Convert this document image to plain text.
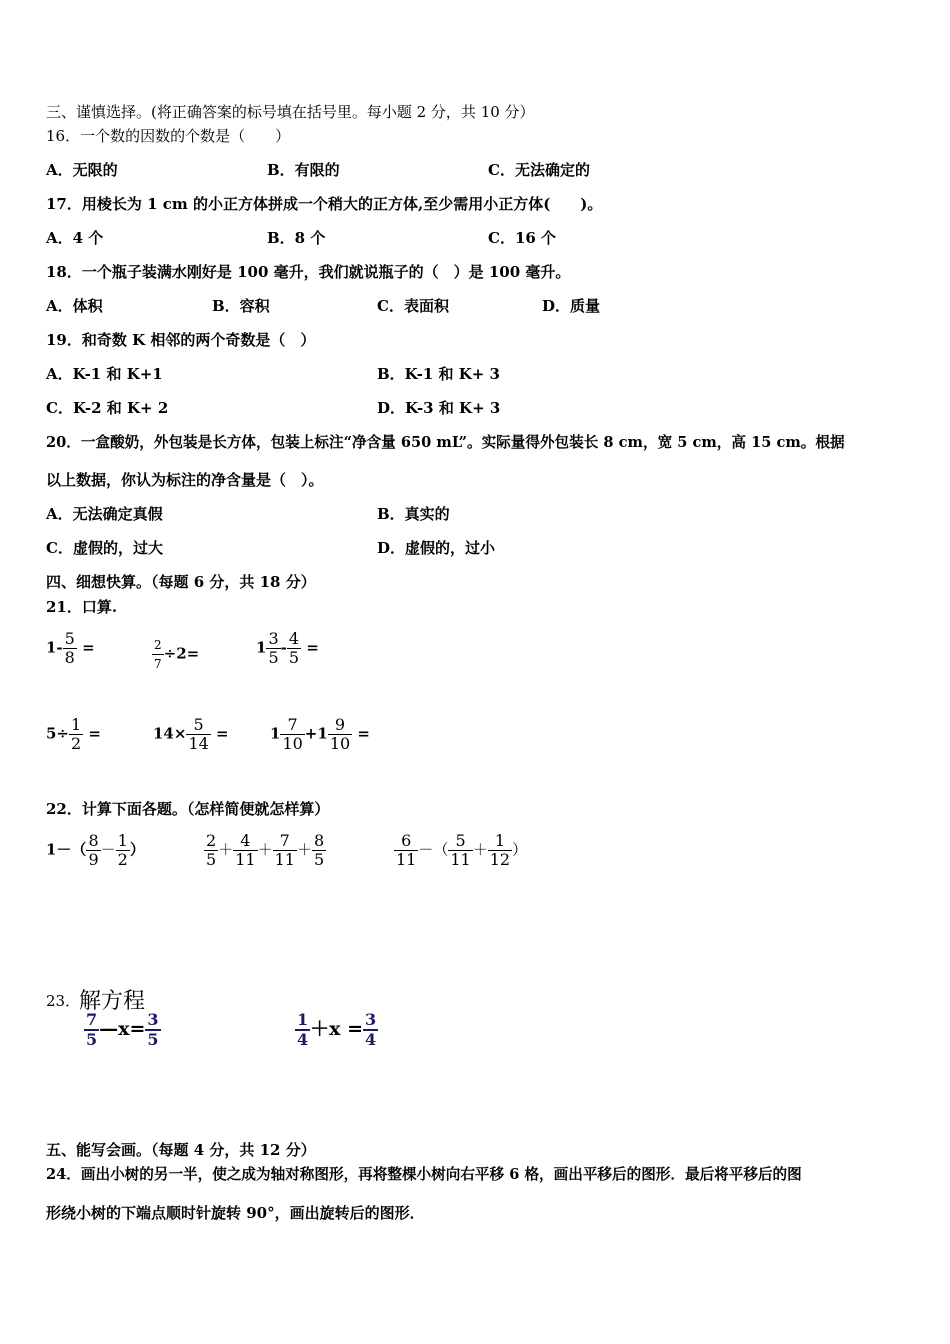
三、谨慎选择。(将正确答案的标号填在括号里。每小题 2 分，共 10 分）
16．一个数的因数的个数是（　　）
A．无限的	B．有限的	C．无法确定的
17．用棱长为 1 cm 的小正方体拼成一个稍大的正方体,至少需用小正方体(　　)。
A．4 个	B．8 个	C．16 个
18．一个瓶子装满水刚好是 100 毫升，我们就说瓶子的（　）是 100 毫升。
A．体积	B．容积	C．表面积	D．质量
19．和奇数 K 相邻的两个奇数是（　）
A．K-1 和 K+1	B．K-1 和 K+ 3
C．K-2 和 K+ 2	D．K-3 和 K+ 3
20．一盒酸奶，外包装是长方体，包装上标注“净含量 650 mL”。实际量得外包装长 8 cm，宽 5 cm，高 15 cm。根据
以上数据，你认为标注的净含量是（　）。
A．无法确定真假	B．真实的
C．虚假的，过大	D．虚假的，过小
四、细想快算。（每题 6 分，共 18 分）
21．口算.
$1- \frac{5}{8}$ =	$\frac{2}{7} \div 2=$	$1 \frac{3}{5} - \frac{4}{5}$ =
$5\div \frac{1}{2}$ =	$14\times \frac{5}{14}$ =	$1 \frac{7}{10} +1 \frac{9}{10}$ =
22．计算下面各题。（怎样简便就怎样算）
$1-( \frac{8}{9} - \frac{1}{2}$ ）	$\frac{2}{5} + \frac{4}{11} + \frac{7}{11} + \frac{8}{5}$	$\frac{6}{11}$ －（ $\frac{5}{11} + \frac{1}{12}$ ）
23．
解方程
$\frac{7}{5}$ —x= $\frac{3}{5}$	$\frac{1}{4} +x = \frac{3}{4}$
五、能写会画。（每题 4 分，共 12 分）
24．画出小树的另一半，使之成为轴对称图形，再将整棵小树向右平移 6 格，画出平移后的图形．最后将平移后的图
形绕小树的下端点顺时针旋转 90°，画出旋转后的图形．
